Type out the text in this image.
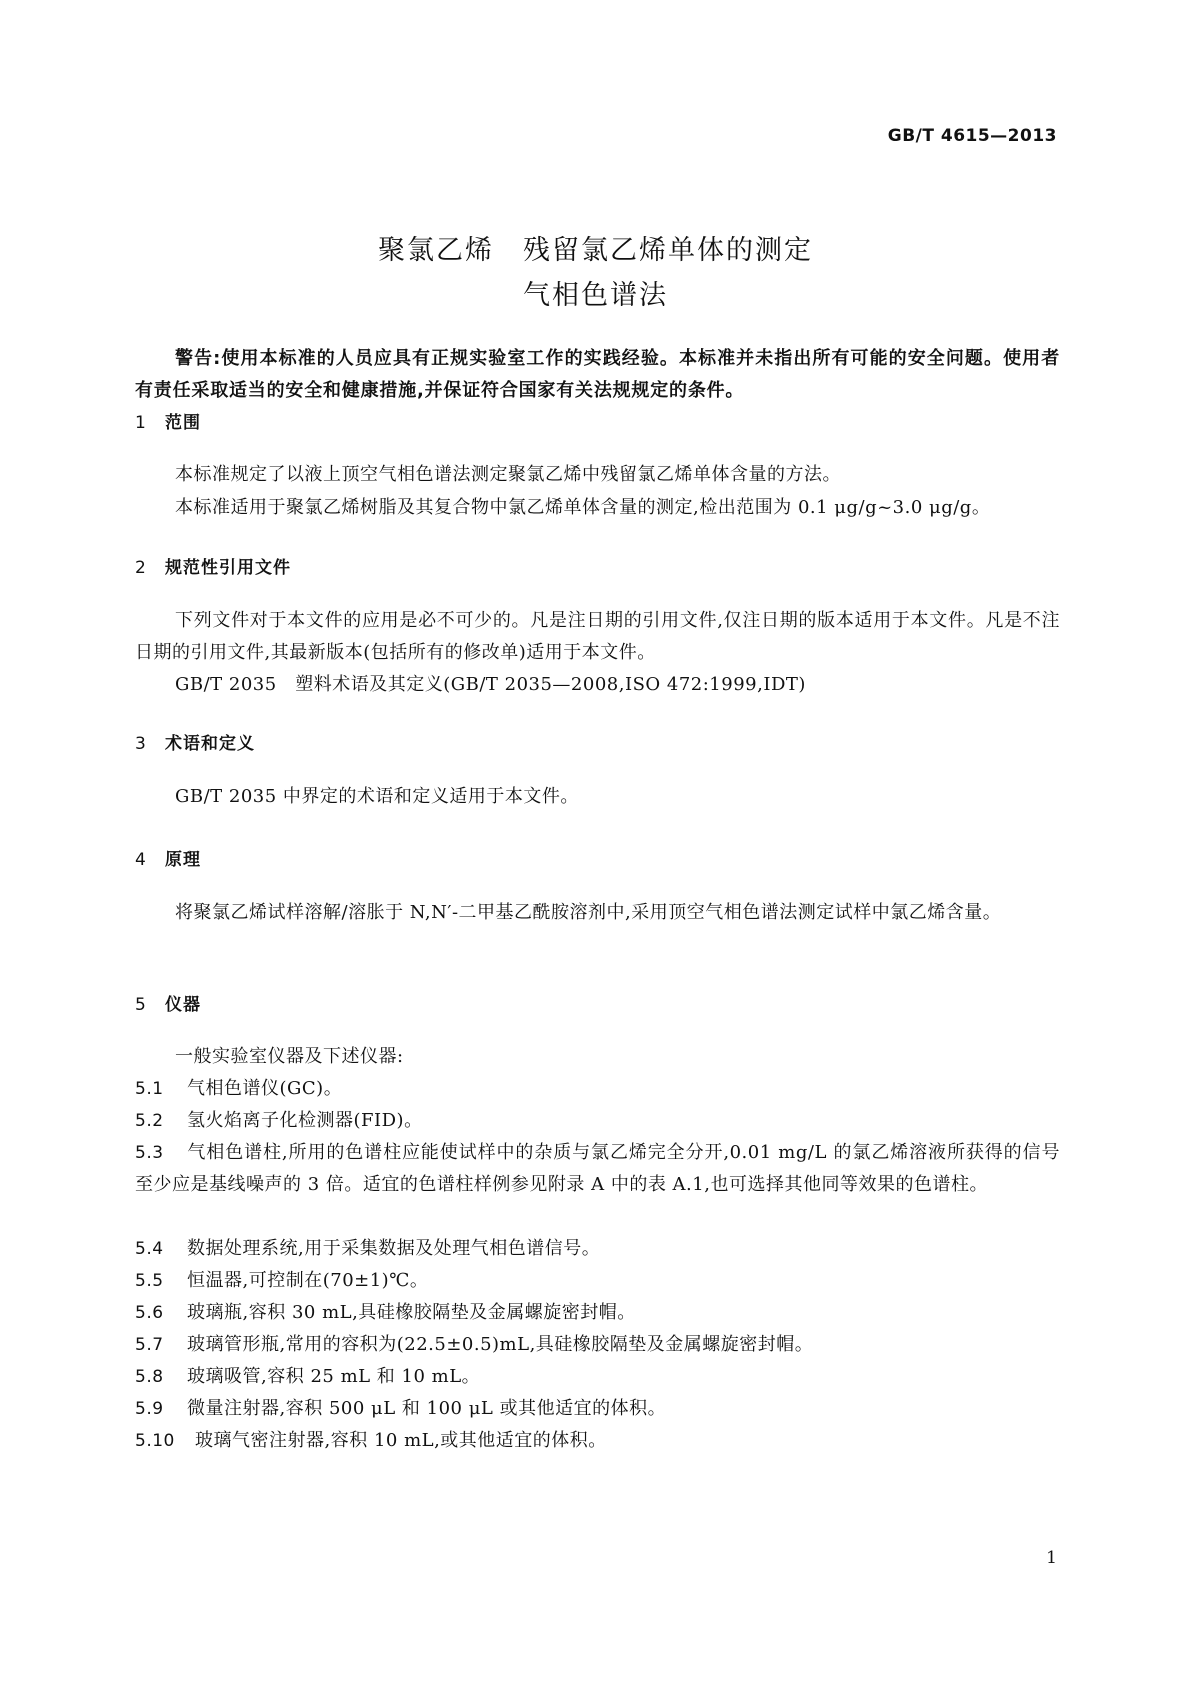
GB/T 4615—2013
聚氯乙烯　残留氯乙烯单体的测定
气相色谱法
警告:使用本标准的人员应具有正规实验室工作的实践经验。本标准并未指出所有可能的安全问题。使用者有责任采取适当的安全和健康措施,并保证符合国家有关法规规定的条件。
1 范围
本标准规定了以液上顶空气相色谱法测定聚氯乙烯中残留氯乙烯单体含量的方法。
本标准适用于聚氯乙烯树脂及其复合物中氯乙烯单体含量的测定,检出范围为 0.1 μg/g~3.0 μg/g。
2 规范性引用文件
下列文件对于本文件的应用是必不可少的。凡是注日期的引用文件,仅注日期的版本适用于本文件。凡是不注日期的引用文件,其最新版本(包括所有的修改单)适用于本文件。
GB/T 2035　塑料术语及其定义(GB/T 2035—2008,ISO 472:1999,IDT)
3 术语和定义
GB/T 2035 中界定的术语和定义适用于本文件。
4 原理
将聚氯乙烯试样溶解/溶胀于 N,N′-二甲基乙酰胺溶剂中,采用顶空气相色谱法测定试样中氯乙烯含量。
5 仪器
一般实验室仪器及下述仪器:
5.1 气相色谱仪(GC)。
5.2 氢火焰离子化检测器(FID)。
5.3 气相色谱柱,所用的色谱柱应能使试样中的杂质与氯乙烯完全分开,0.01 mg/L 的氯乙烯溶液所获得的信号至少应是基线噪声的 3 倍。适宜的色谱柱样例参见附录 A 中的表 A.1,也可选择其他同等效果的色谱柱。
5.4 数据处理系统,用于采集数据及处理气相色谱信号。
5.5 恒温器,可控制在(70±1)℃。
5.6 玻璃瓶,容积 30 mL,具硅橡胶隔垫及金属螺旋密封帽。
5.7 玻璃管形瓶,常用的容积为(22.5±0.5)mL,具硅橡胶隔垫及金属螺旋密封帽。
5.8 玻璃吸管,容积 25 mL 和 10 mL。
5.9 微量注射器,容积 500 μL 和 100 μL 或其他适宜的体积。
5.10 玻璃气密注射器,容积 10 mL,或其他适宜的体积。
1
